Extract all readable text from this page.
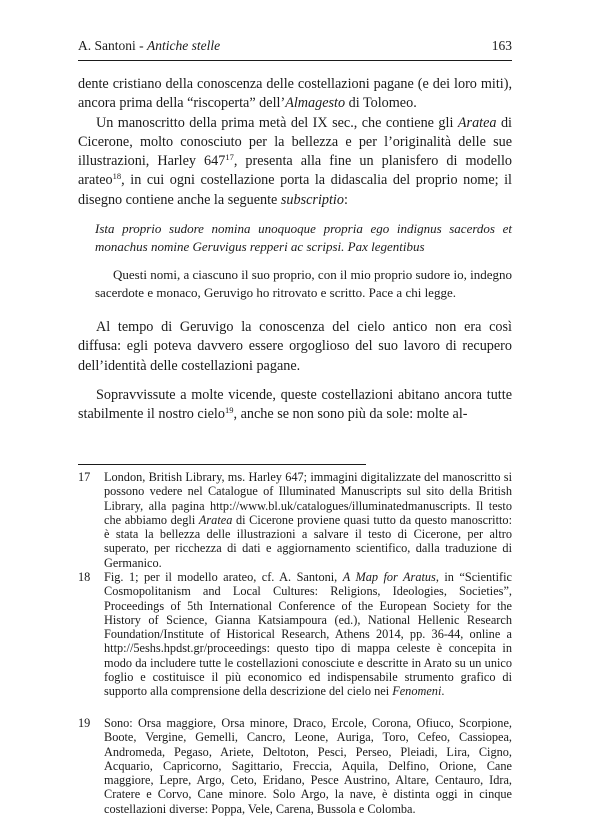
A. Santoni - Antiche stelle	163

dente cristiano della conoscenza delle costellazioni pagane (e dei loro miti), ancora prima della “riscoperta” dell’Almagesto di Tolomeo.

Un manoscritto della prima metà del IX sec., che contiene gli Aratea di Cicerone, molto conosciuto per la bellezza e per l’originalità delle sue illustrazioni, Harley $647^{17}$, presenta alla fine un planisfero di modello arateo$^{18}$, in cui ogni costellazione porta la didascalia del proprio nome; il disegno contiene anche la seguente subscriptio:

Ista proprio sudore nomina unoquoque propria ego indignus sacerdos et monachus nomine Geruvigus repperi ac scripsi. Pax legentibus

Questi nomi, a ciascuno il suo proprio, con il mio proprio sudore io, indegno sacerdote e monaco, Geruvigo ho ritrovato e scritto. Pace a chi legge.

Al tempo di Geruvigo la conoscenza del cielo antico non era così diffusa: egli poteva davvero essere orgoglioso del suo lavoro di recupero dell’identità delle costellazioni pagane.

Sopravvissute a molte vicende, queste costellazioni abitano ancora tutte stabilmente il nostro cielo$^{19}$, anche se non sono più da sole: molte al-

17 London, British Library, ms. Harley 647; immagini digitalizzate del manoscritto si possono vedere nel Catalogue of Illuminated Manuscripts sul sito della British Library, alla pagina http://www.bl.uk/catalogues/illuminatedmanuscripts. Il testo che abbiamo degli Aratea di Cicerone proviene quasi tutto da questo manoscritto: è stata la bellezza delle illustrazioni a salvare il testo di Cicerone, per altro superato, per ricchezza di dati e aggiornamento scientifico, dalla traduzione di Germanico.
18 Fig. 1; per il modello arateo, cf. A. Santoni, A Map for Aratus, in “Scientific Cosmopolitanism and Local Cultures: Religions, Ideologies, Societies”, Proceedings of 5th International Conference of the European Society for the History of Science, Gianna Katsiampoura (ed.), National Hellenic Research Foundation/Institute of Historical Research, Athens 2014, pp. 36-44, online a http://5eshs.hpdst.gr/proceedings: questo tipo di mappa celeste è concepita in modo da includere tutte le costellazioni conosciute e descritte in Arato su un unico foglio e costituisce il più economico ed indispensabile strumento grafico di supporto alla comprensione della descrizione del cielo nei Fenomeni.
19 Sono: Orsa maggiore, Orsa minore, Draco, Ercole, Corona, Ofiuco, Scorpione, Boote, Vergine, Gemelli, Cancro, Leone, Auriga, Toro, Cefeo, Cassiopea, Andromeda, Pegaso, Ariete, Deltoton, Pesci, Perseo, Pleiadi, Lira, Cigno, Acquario, Capricorno, Sagittario, Freccia, Aquila, Delfino, Orione, Cane maggiore, Lepre, Argo, Ceto, Eridano, Pesce Austrino, Altare, Centauro, Idra, Cratere e Corvo, Cane minore. Solo Argo, la nave, è distinta oggi in cinque costellazioni diverse: Poppa, Vele, Carena, Bussola e Colomba.
